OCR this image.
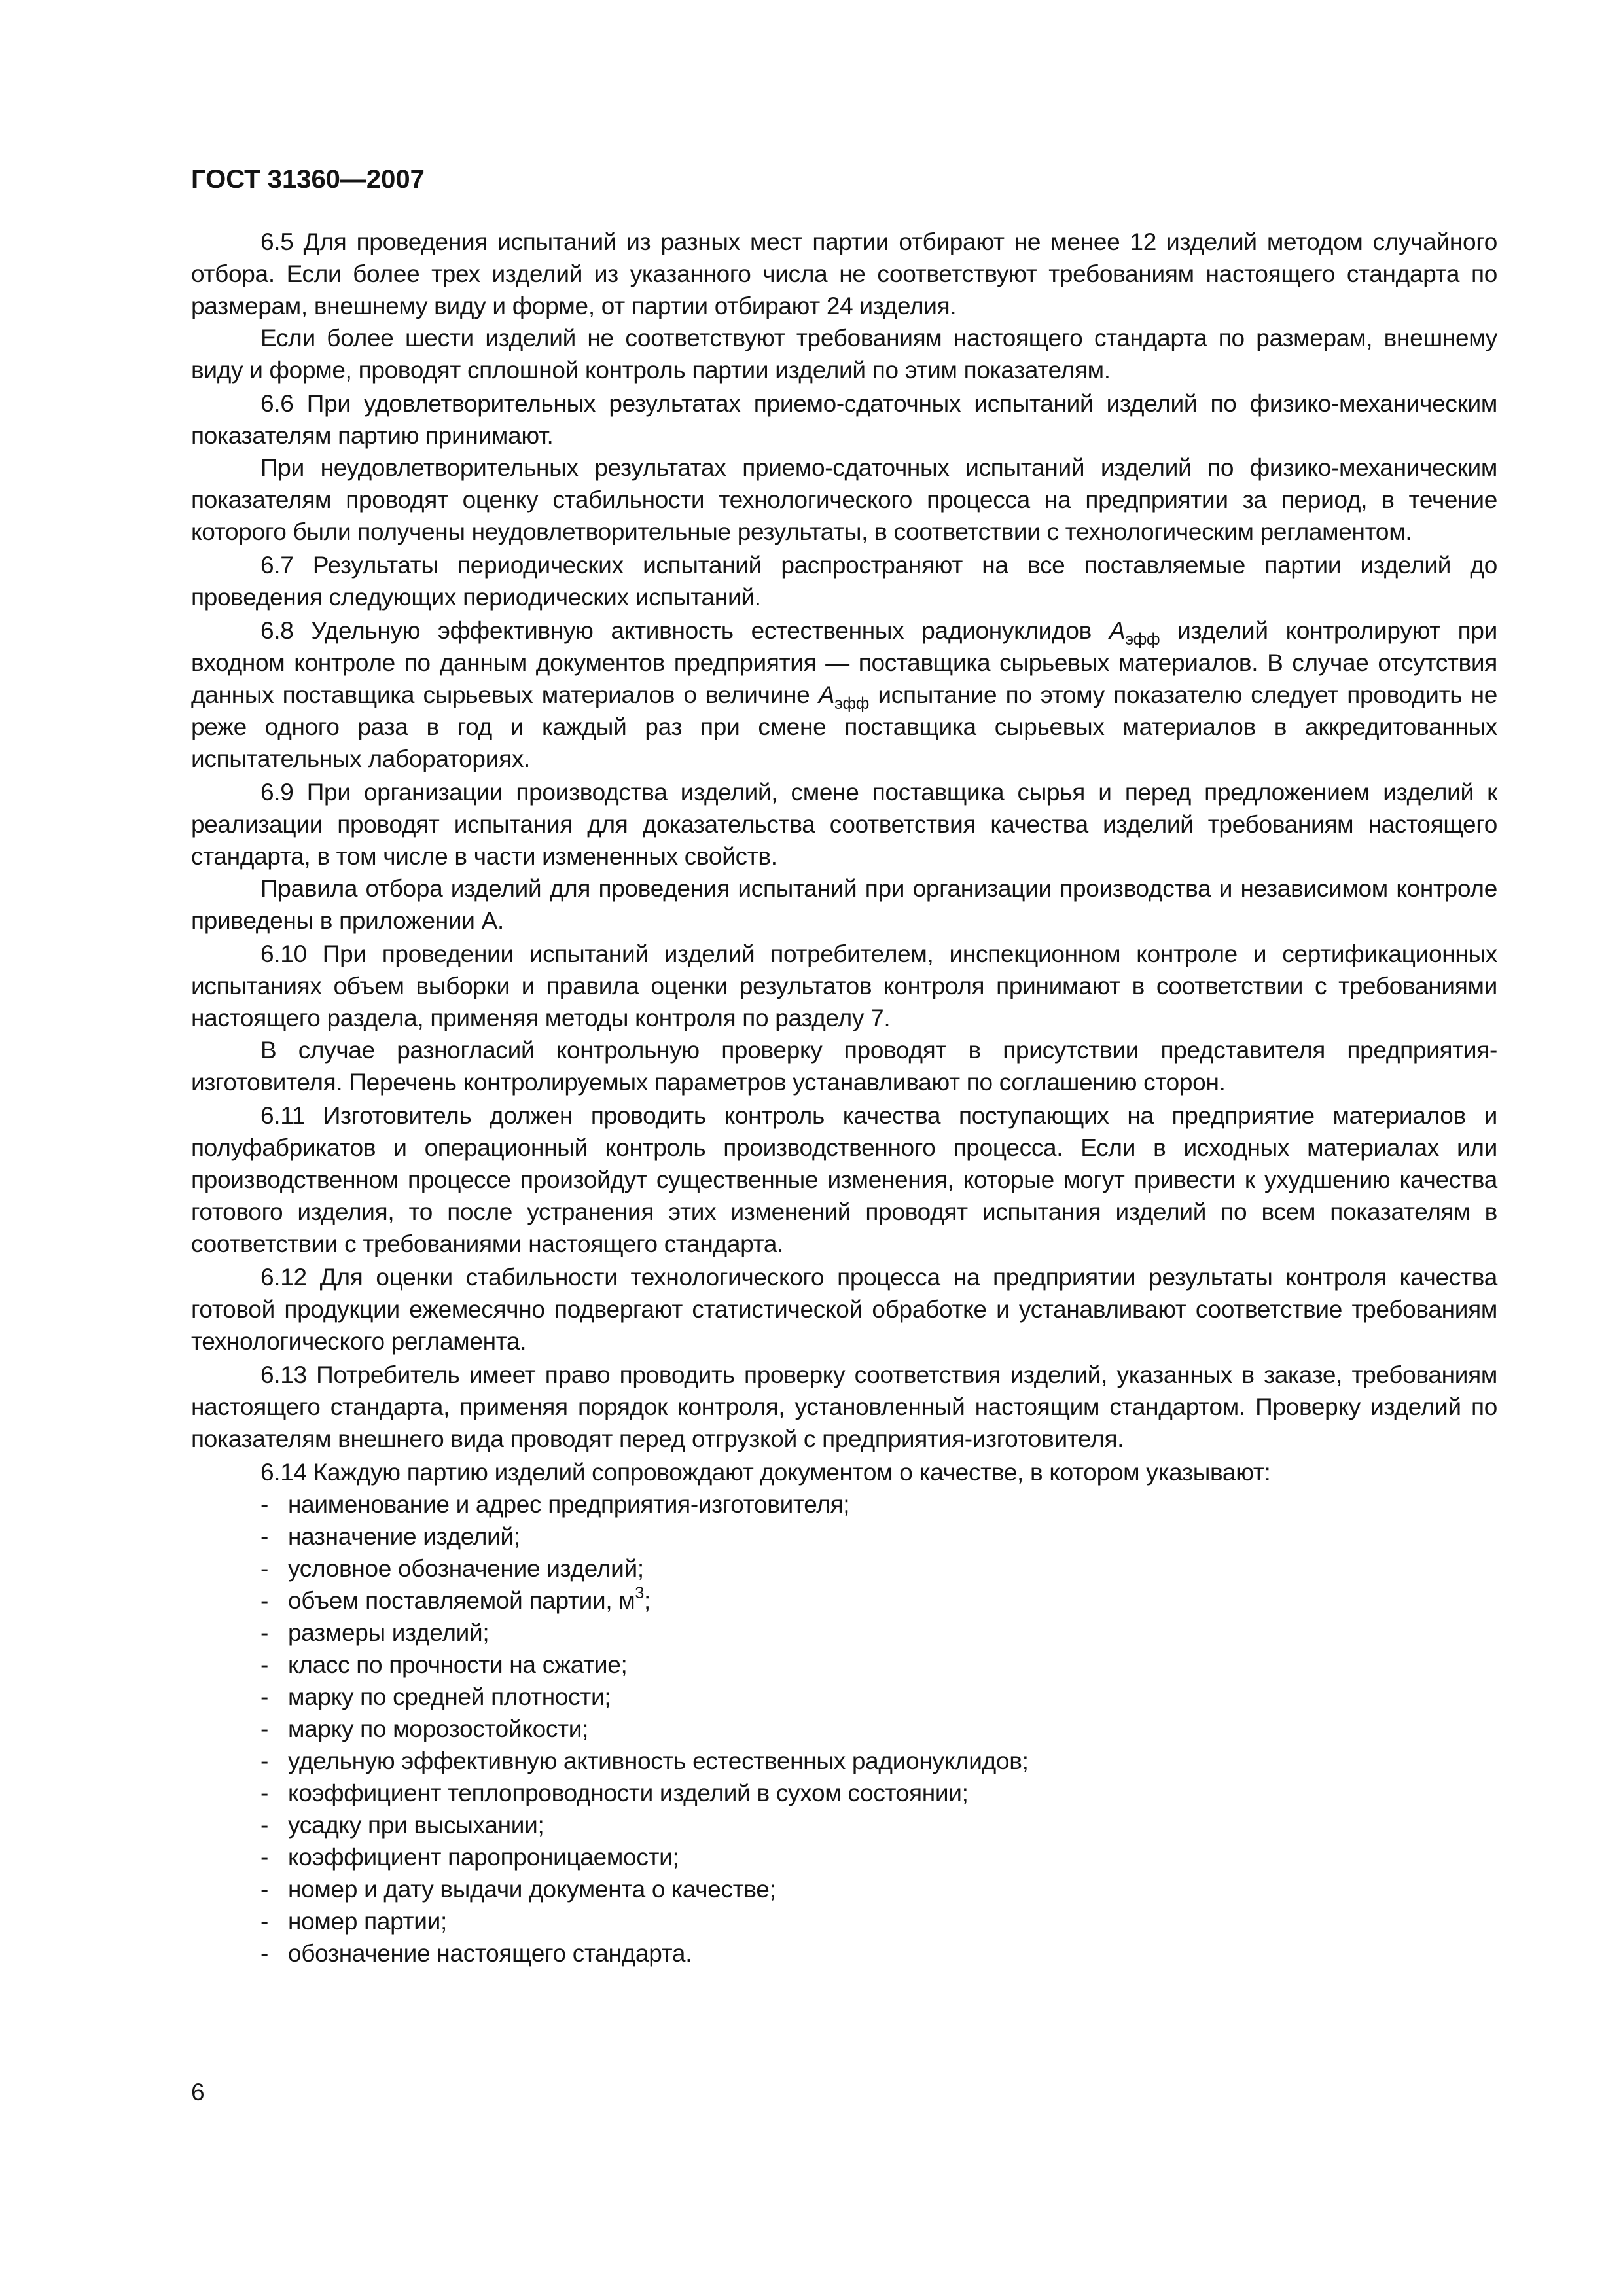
ГОСТ 31360—2007

6.5 Для проведения испытаний из разных мест партии отбирают не менее 12 изделий методом случайного отбора. Если более трех изделий из указанного числа не соответствуют требованиям настоящего стандарта по размерам, внешнему виду и форме, от партии отбирают 24 изделия.

Если более шести изделий не соответствуют требованиям настоящего стандарта по размерам, внешнему виду и форме, проводят сплошной контроль партии изделий по этим показателям.

6.6 При удовлетворительных результатах приемо-сдаточных испытаний изделий по физико-механическим показателям партию принимают.

При неудовлетворительных результатах приемо-сдаточных испытаний изделий по физико-механическим показателям проводят оценку стабильности технологического процесса на предприятии за период, в течение которого были получены неудовлетворительные результаты, в соответствии с технологическим регламентом.

6.7 Результаты периодических испытаний распространяют на все поставляемые партии изделий до проведения следующих периодических испытаний.

6.8 Удельную эффективную активность естественных радионуклидов $А_{эфф}$ изделий контролируют при входном контроле по данным документов предприятия — поставщика сырьевых материалов. В случае отсутствия данных поставщика сырьевых материалов о величине $А_{эфф}$ испытание по этому показателю следует проводить не реже одного раза в год и каждый раз при смене поставщика сырьевых материалов в аккредитованных испытательных лабораториях.

6.9 При организации производства изделий, смене поставщика сырья и перед предложением изделий к реализации проводят испытания для доказательства соответствия качества изделий требованиям настоящего стандарта, в том числе в части измененных свойств.

Правила отбора изделий для проведения испытаний при организации производства и независимом контроле приведены в приложении А.

6.10 При проведении испытаний изделий потребителем, инспекционном контроле и сертификационных испытаниях объем выборки и правила оценки результатов контроля принимают в соответствии с требованиями настоящего раздела, применяя методы контроля по разделу 7.

В случае разногласий контрольную проверку проводят в присутствии представителя предприятия-изготовителя. Перечень контролируемых параметров устанавливают по соглашению сторон.

6.11 Изготовитель должен проводить контроль качества поступающих на предприятие материалов и полуфабрикатов и операционный контроль производственного процесса. Если в исходных материалах или производственном процессе произойдут существенные изменения, которые могут привести к ухудшению качества готового изделия, то после устранения этих изменений проводят испытания изделий по всем показателям в соответствии с требованиями настоящего стандарта.

6.12 Для оценки стабильности технологического процесса на предприятии результаты контроля качества готовой продукции ежемесячно подвергают статистической обработке и устанавливают соответствие требованиям технологического регламента.

6.13 Потребитель имеет право проводить проверку соответствия изделий, указанных в заказе, требованиям настоящего стандарта, применяя порядок контроля, установленный настоящим стандартом. Проверку изделий по показателям внешнего вида проводят перед отгрузкой с предприятия-изготовителя.

6.14 Каждую партию изделий сопровождают документом о качестве, в котором указывают:

- наименование и адрес предприятия-изготовителя;
- назначение изделий;
- условное обозначение изделий;
- объем поставляемой партии, $м^3$;
- размеры изделий;
- класс по прочности на сжатие;
- марку по средней плотности;
- марку по морозостойкости;
- удельную эффективную активность естественных радионуклидов;
- коэффициент теплопроводности изделий в сухом состоянии;
- усадку при высыхании;
- коэффициент паропроницаемости;
- номер и дату выдачи документа о качестве;
- номер партии;
- обозначение настоящего стандарта.
6
